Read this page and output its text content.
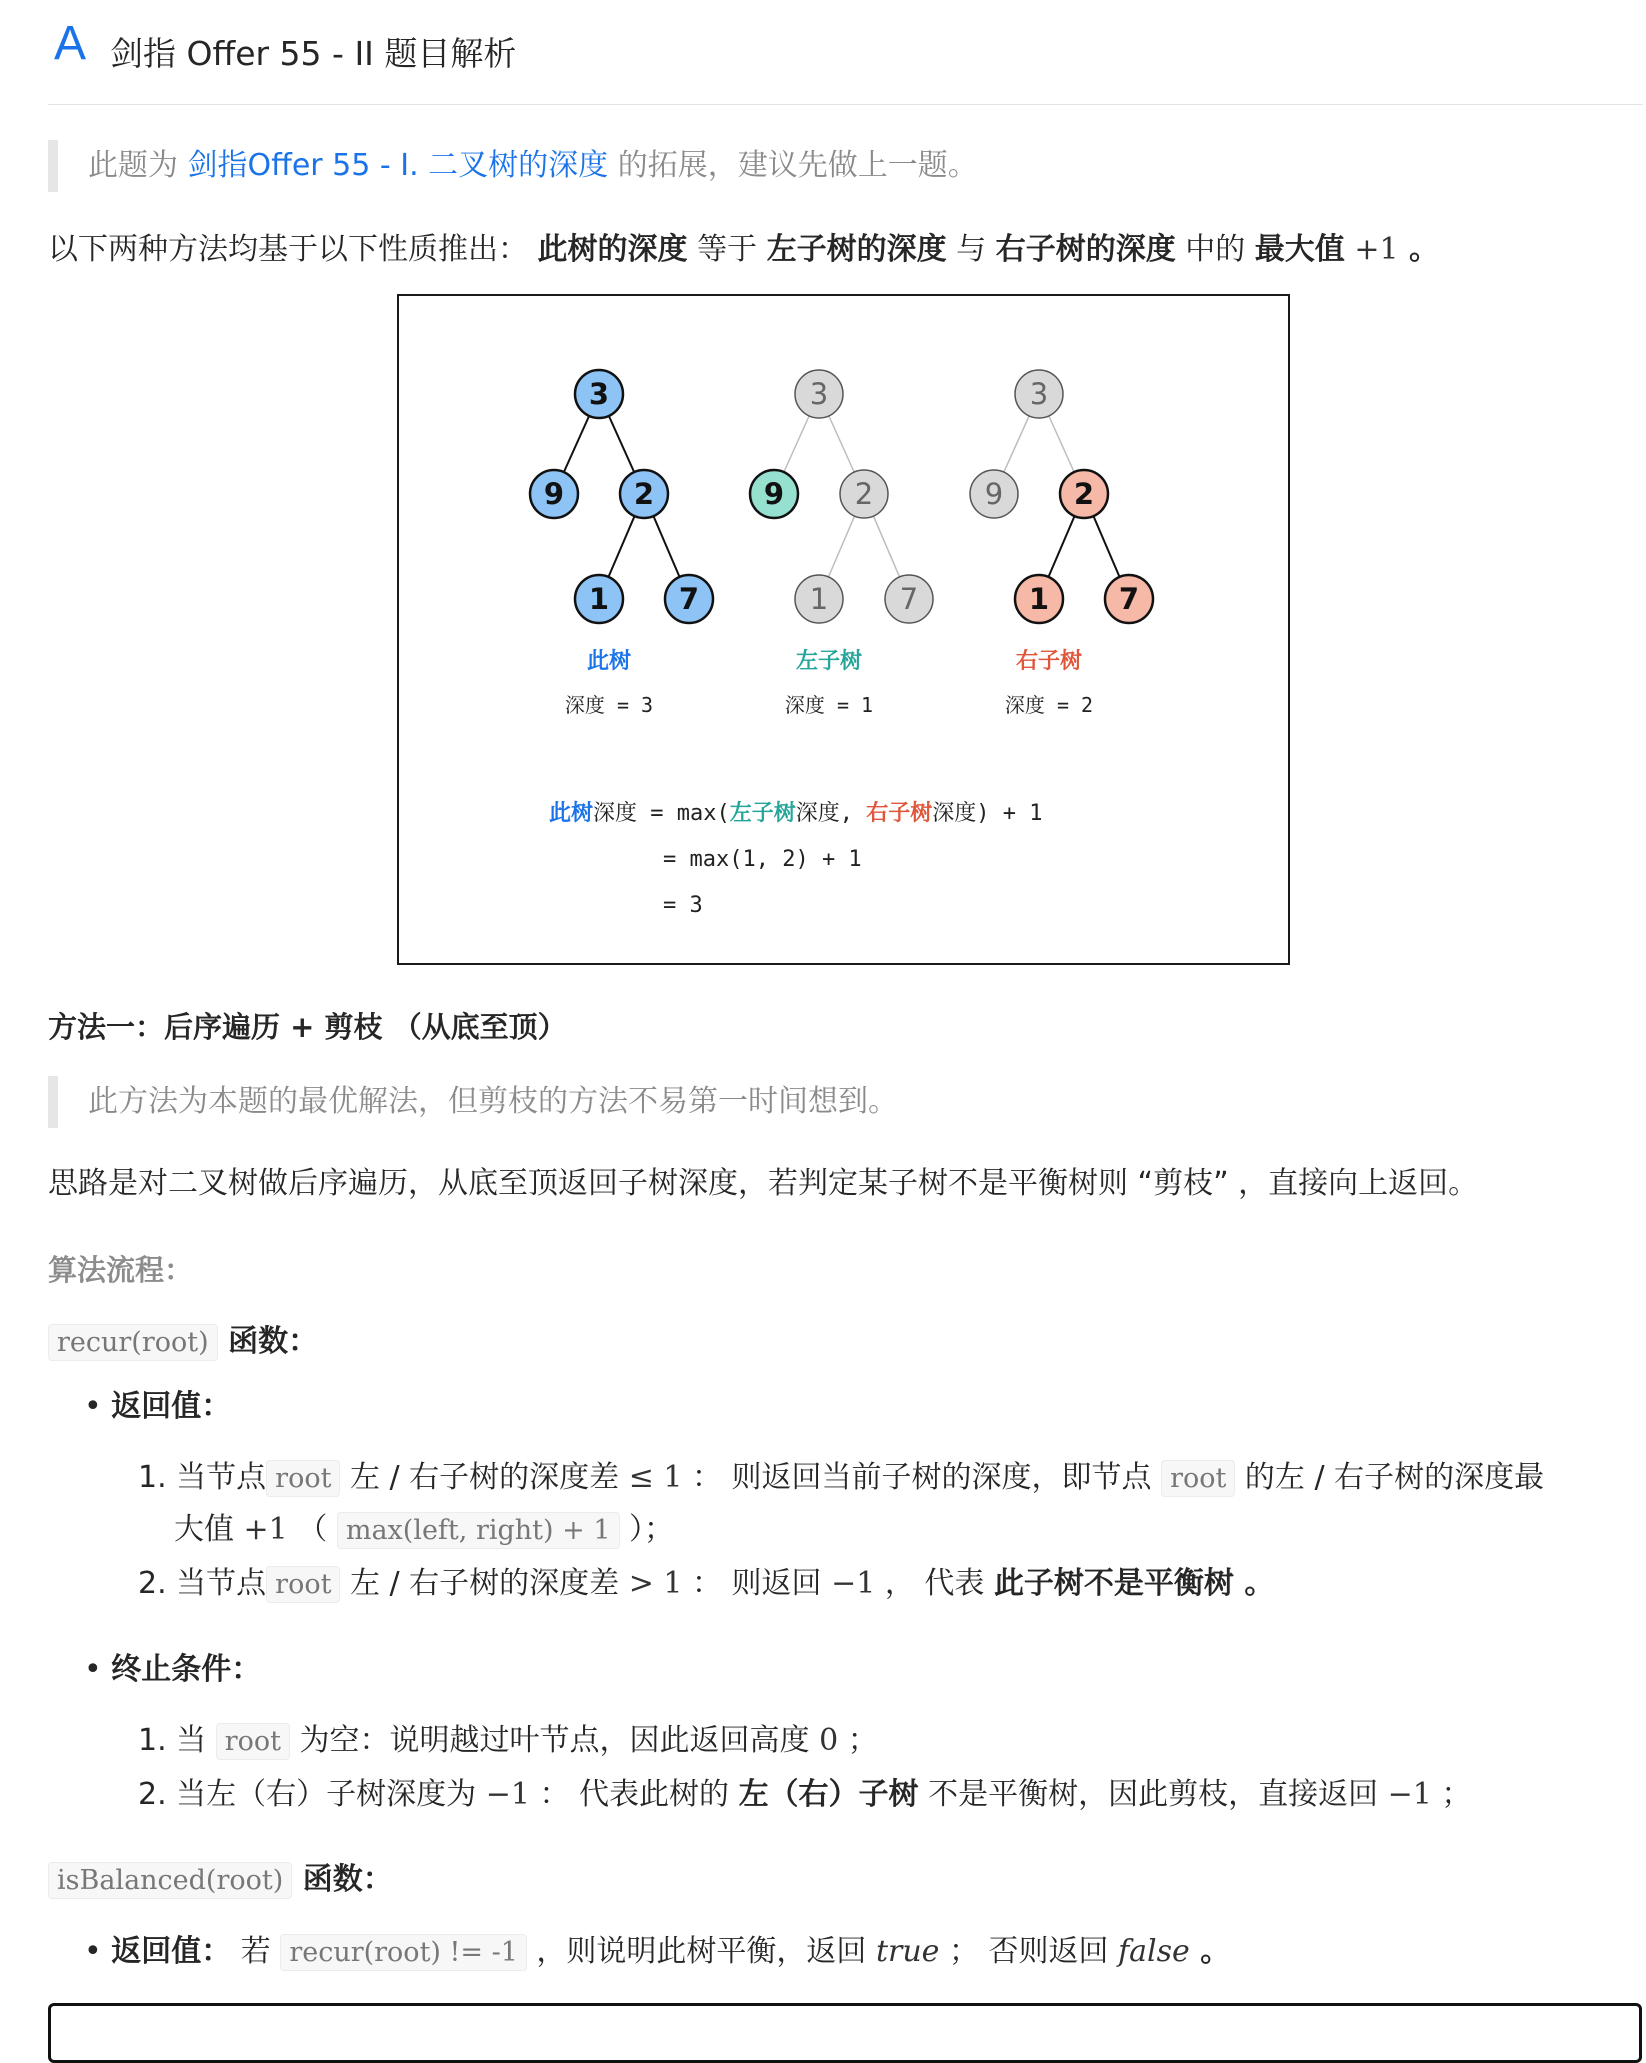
A 剑指 Offer 55 - II 题目解析
此题为 剑指Offer 55 - I. 二叉树的深度 的拓展，建议先做上一题。
以下两种方法均基于以下性质推出： 此树的深度 等于 左子树的深度 与 右子树的深度 中的 最大值 +1 。
方法一：后序遍历 + 剪枝 （从底至顶）
此方法为本题的最优解法，但剪枝的方法不易第一时间想到。
思路是对二叉树做后序遍历，从底至顶返回子树深度，若判定某子树不是平衡树则 “剪枝” ，直接向上返回。
算法流程：
recur(root) 函数：
• 返回值：
1. 当节点 root 左 / 右子树的深度差 ≤ 1 ： 则返回当前子树的深度，即节点 root 的左 / 右子树的深度最
大值 +1 （ max(left, right) + 1 ）；
2. 当节点 root 左 / 右子树的深度差 > 1 ： 则返回 −1 ， 代表 此子树不是平衡树 。
• 终止条件：
1. 当 root 为空：说明越过叶节点，因此返回高度 0 ；
2. 当左（右）子树深度为 −1 ： 代表此树的 左（右）子树 不是平衡树，因此剪枝，直接返回 −1 ；
isBalanced(root) 函数：
• 返回值： 若 recur(root) != -1 ，则说明此树平衡，返回 true ； 否则返回 false 。
3
9 2
1 7
此树
深度 = 3
3
9 2
1 7
左子树
深度 = 1
3
9 2
1 7
右子树
深度 = 2
此树深度 = max(左子树深度, 右子树深度) + 1
= max(1, 2) + 1
= 3
